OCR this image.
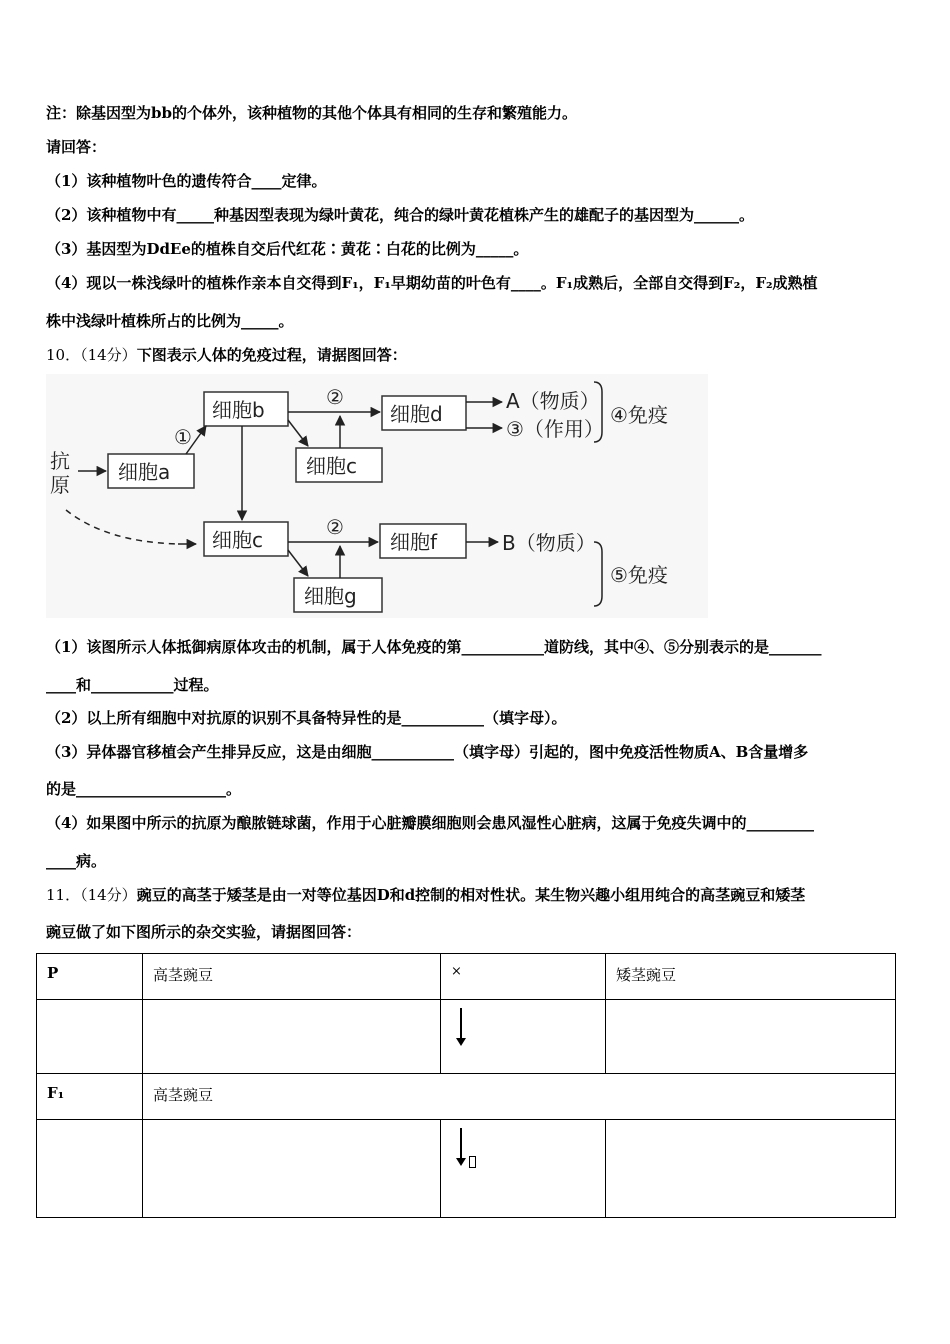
注：除基因型为bb的个体外，该种植物的其他个体具有相同的生存和繁殖能力。
请回答：
（1）该种植物叶色的遗传符合____定律。
（2）该种植物中有_____种基因型表现为绿叶黄花，纯合的绿叶黄花植株产生的雄配子的基因型为______。
（3）基因型为DdEe的植株自交后代红花∶黄花∶白花的比例为_____。
（4）现以一株浅绿叶的植株作亲本自交得到F₁，F₁早期幼苗的叶色有____。F₁成熟后，全部自交得到F₂，F₂成熟植
株中浅绿叶植株所占的比例为_____。
10．（14分）下图表示人体的免疫过程，请据图回答：
抗
原
细胞b	细胞d
细胞c
细胞a
细胞c	细胞f
细胞g
①
②
②
A（物质）
③（作用）
④免疫
B（物质）
⑤免疫
（1）该图所示人体抵御病原体攻击的机制，属于人体免疫的第___________道防线，其中④、⑤分别表示的是_______
____和___________过程。
（2）以上所有细胞中对抗原的识别不具备特异性的是___________（填字母）。
（3）异体器官移植会产生排异反应，这是由细胞___________（填字母）引起的，图中免疫活性物质A、B含量增多
的是____________________。
（4）如果图中所示的抗原为酿脓链球菌，作用于心脏瓣膜细胞则会患风湿性心脏病，这属于免疫失调中的_________
____病。
11．（14分）豌豆的高茎于矮茎是由一对等位基因D和d控制的相对性状。某生物兴趣小组用纯合的高茎豌豆和矮茎
豌豆做了如下图所示的杂交实验，请据图回答：
P	高茎豌豆	×	矮茎豌豆

F₁	高茎豌豆		
